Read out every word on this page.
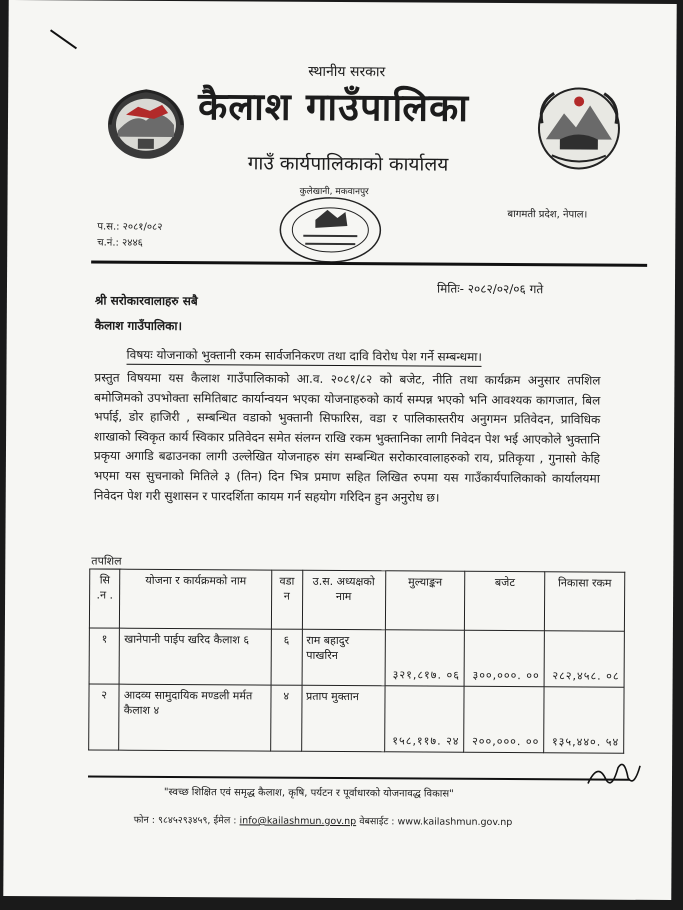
स्थानीय सरकार
कैलाश गाउँपालिका
गाउँ कार्यपालिकाको कार्यालय
कुलेखानी, मकवानपुर
प.स.: २०८१/०८२
च.नं.: २४४६
बागमती प्रदेश, नेपाल।
मितिः- २०८२/०२/०६ गते
श्री सरोकारवालाहरु सबै
कैलाश गाउँपालिका।
विषयः योजनाको भुक्तानी रकम सार्वजनिकरण तथा दावि विरोध पेश गर्ने सम्बन्धमा।
प्रस्तुत विषयमा यस कैलाश गाउँपालिकाको आ.व. २०८१/८२ को बजेट, नीति तथा कार्यक्रम अनुसार तपशिल बमोजिमको उपभोक्ता समितिबाट कार्यान्वयन भएका योजनाहरुको कार्य सम्पन्न भएको भनि आवश्यक कागजात, बिल भर्पाई, डोर हाजिरी , सम्बन्धित वडाको भुक्तानी सिफारिस, वडा र पालिकास्तरीय अनुगमन प्रतिवेदन, प्राविधिक शाखाको स्विकृत कार्य स्विकार प्रतिवेदन समेत संलग्न राखि रकम भुक्तानिका लागी निवेदन पेश भई आएकोले भुक्तानि प्रकृया अगाडि बढाउनका लागी उल्लेखित योजनाहरु संग सम्बन्धित सरोकारवालाहरुको राय, प्रतिकृया , गुनासो केहि भएमा यस सुचनाको मितिले ३ (तिन) दिन भित्र प्रमाण सहित लिखित रुपमा यस गाउँकार्यपालिकाको कार्यालयमा निवेदन पेश गरी सुशासन र पारदर्शिता कायम गर्न सहयोग गरिदिन हुन अनुरोध छ।
तपशिल
सि .न .	योजना र कार्यक्रमको नाम	वडा न	उ.स. अध्यक्षको नाम	मुल्याङ्कन	बजेट	निकासा रकम
१	खानेपानी पाईप खरिद कैलाश ६	६	राम बहादुर पाखरिन	३२१,८१७. ०६	३००,०००. ००	२८२,४५८. ०८
२	आदव्य सामुदायिक मण्डली मर्मत कैलाश ४	४	प्रताप मुक्तान	१५८,११७. २४	२००,०००. ००	१३५,४४०. ५४
"स्वच्छ शिक्षित एवं समृद्ध कैलाश, कृषि, पर्यटन र पूर्वाधारको योजनावद्ध विकास"
फोन : ९८४५२९३४५९, ईमेल : info@kailashmun.gov.np वेबसाईट : www.kailashmun.gov.np
